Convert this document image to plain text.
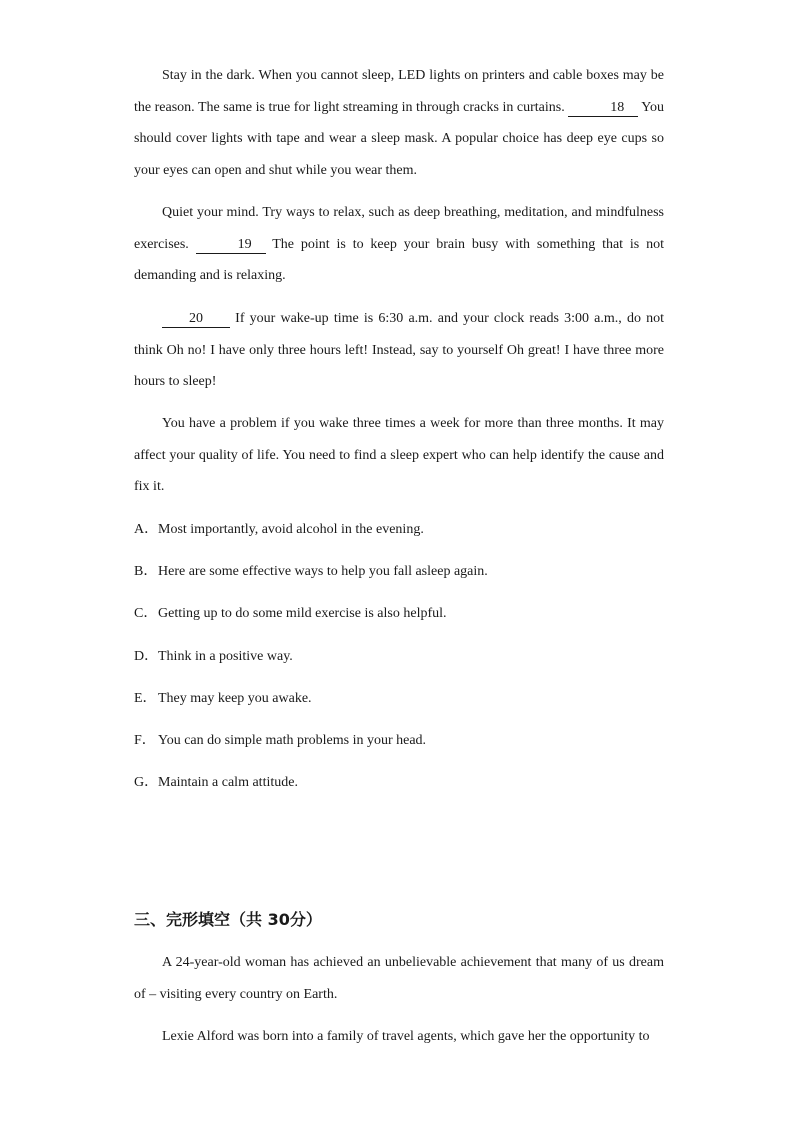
Stay in the dark. When you cannot sleep, LED lights on printers and cable boxes may be the reason. The same is true for light streaming in through cracks in curtains.	18 You should cover lights with tape and wear a sleep mask. A popular choice has deep eye cups so your eyes can open and shut while you wear them.

Quiet your mind. Try ways to relax, such as deep breathing, meditation, and mindfulness exercises.	19 The point is to keep your brain busy with something that is not demanding and is relaxing.

20 If your wake-up time is 6:30 a.m. and your clock reads 3:00 a.m., do not think Oh no! I have only three hours left! Instead, say to yourself Oh great! I have three more hours to sleep!

You have a problem if you wake three times a week for more than three months. It may affect your quality of life. You need to find a sleep expert who can help identify the cause and fix it.

A．Most importantly, avoid alcohol in the evening.
B．Here are some effective ways to help you fall asleep again.
C．Getting up to do some mild exercise is also helpful.
D．Think in a positive way.
E．They may keep you awake.
F． You can do simple math problems in your head.
G．Maintain a calm attitude.
三、完形填空（共 30分）

A 24-year-old woman has achieved an unbelievable achievement that many of us dream of – visiting every country on Earth.

Lexie Alford was born into a family of travel agents, which gave her the opportunity to
